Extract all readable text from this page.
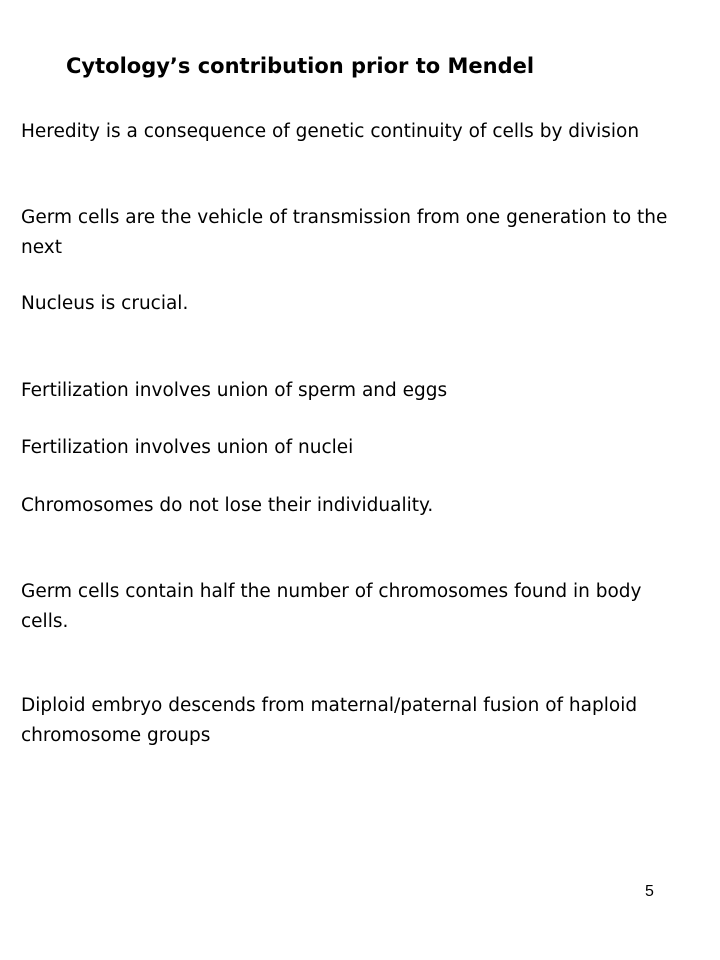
Cytology’s contribution prior to Mendel

Heredity is a consequence of genetic continuity of cells by division

Germ cells are the vehicle of transmission from one generation to the next

Nucleus is crucial.

Fertilization involves union of sperm and eggs

Fertilization involves union of nuclei

Chromosomes do not lose their individuality.

Germ cells contain half the number of chromosomes found in body cells.

Diploid embryo descends from maternal/paternal fusion of haploid chromosome groups

5
